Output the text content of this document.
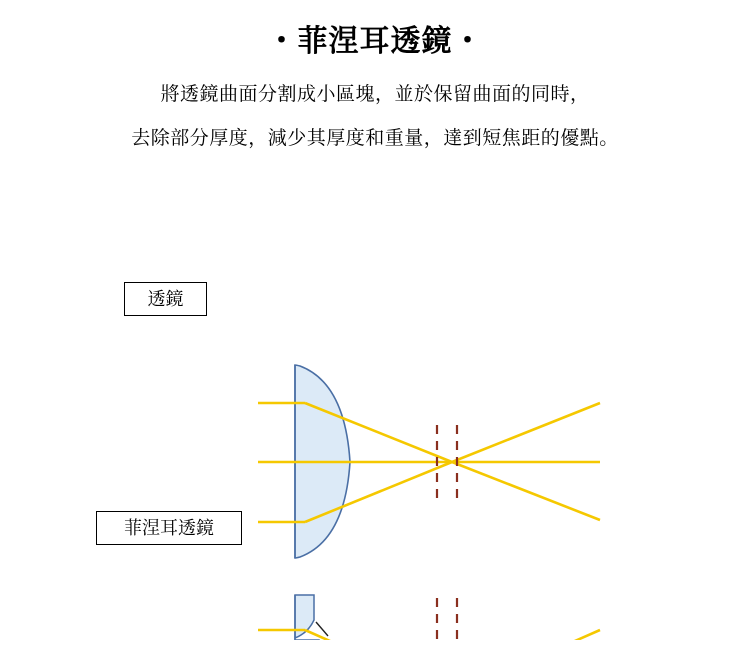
・菲涅耳透鏡・
將透鏡曲面分割成小區塊，並於保留曲面的同時，
去除部分厚度，減少其厚度和重量，達到短焦距的優點。
透鏡
菲涅耳透鏡
